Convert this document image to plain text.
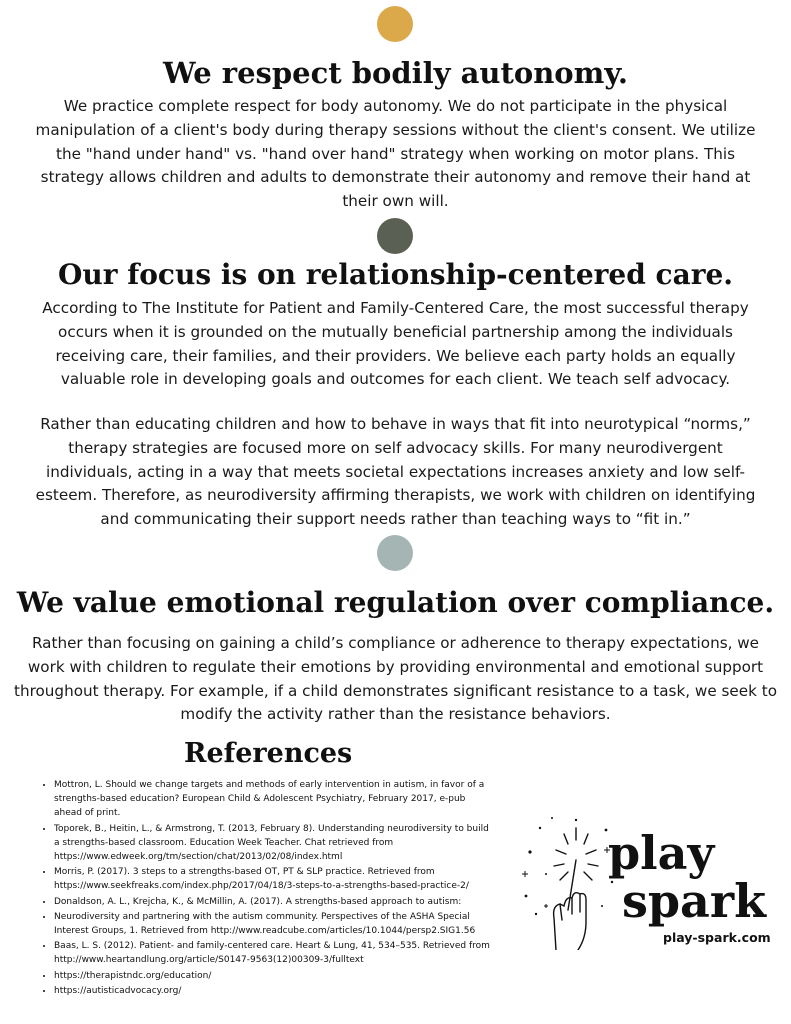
We respect bodily autonomy.

We practice complete respect for body autonomy. We do not participate in the physical manipulation of a client's body during therapy sessions without the client's consent. We utilize the "hand under hand" vs. "hand over hand" strategy when working on motor plans. This strategy allows children and adults to demonstrate their autonomy and remove their hand at their own will.

Our focus is on relationship-centered care.

According to The Institute for Patient and Family-Centered Care, the most successful therapy occurs when it is grounded on the mutually beneficial partnership among the individuals receiving care, their families, and their providers. We believe each party holds an equally valuable role in developing goals and outcomes for each client. We teach self advocacy.

Rather than educating children and how to behave in ways that fit into neurotypical “norms,” therapy strategies are focused more on self advocacy skills. For many neurodivergent individuals, acting in a way that meets societal expectations increases anxiety and low self-esteem. Therefore, as neurodiversity affirming therapists, we work with children on identifying and communicating their support needs rather than teaching ways to “fit in.”

We value emotional regulation over compliance.

Rather than focusing on gaining a child’s compliance or adherence to therapy expectations, we work with children to regulate their emotions by providing environmental and emotional support throughout therapy. For example, if a child demonstrates significant resistance to a task, we seek to modify the activity rather than the resistance behaviors.

References
• Mottron, L. Should we change targets and methods of early intervention in autism, in favor of a strengths-based education? European Child & Adolescent Psychiatry, February 2017, e-pub ahead of print.
• Toporek, B., Heitin, L., & Armstrong, T. (2013, February 8). Understanding neurodiversity to build a strengths-based classroom. Education Week Teacher. Chat retrieved from https://www.edweek.org/tm/section/chat/2013/02/08/index.html
• Morris, P. (2017). 3 steps to a strengths-based OT, PT & SLP practice. Retrieved from https://www.seekfreaks.com/index.php/2017/04/18/3-steps-to-a-strengths-based-practice-2/
• Donaldson, A. L., Krejcha, K., & McMillin, A. (2017). A strengths-based approach to autism:
• Neurodiversity and partnering with the autism community. Perspectives of the ASHA Special Interest Groups, 1. Retrieved from http://www.readcube.com/articles/10.1044/persp2.SIG1.56
• Baas, L. S. (2012). Patient- and family-centered care. Heart & Lung, 41, 534–535. Retrieved from http://www.heartandlung.org/article/S0147-9563(12)00309-3/fulltext
• https://therapistndc.org/education/
• https://autisticadvocacy.org/
play
spark
play-spark.com
